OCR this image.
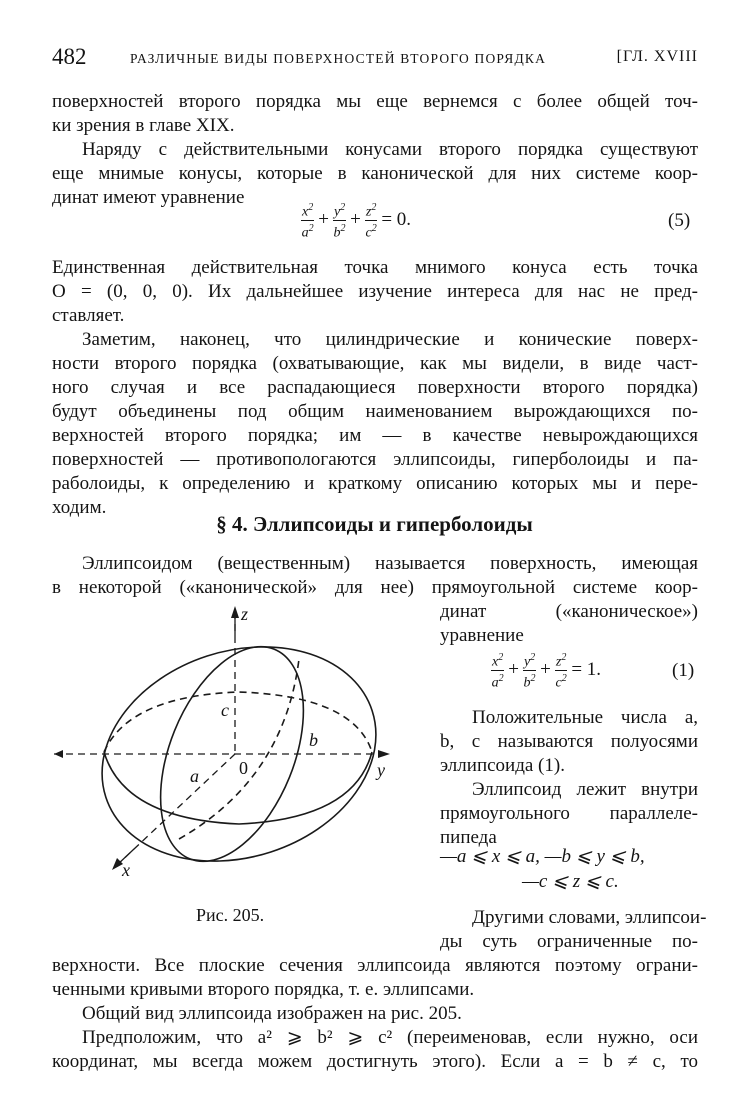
482	РАЗЛИЧНЫЕ ВИДЫ ПОВЕРХНОСТЕЙ ВТОРОГО ПОРЯДКА	[ГЛ. XVIII
поверхностей второго порядка мы еще вернемся с более общей точ-
ки зрения в главе XIX.
Наряду с действительными конусами второго порядка существуют
еще мнимые конусы, которые в канонической для них системе коор-
динат имеют уравнение
$\frac{x^2}{a^2} + \frac{y^2}{b^2} + \frac{z^2}{c^2} = 0$.	(5)
Единственная действительная точка мнимого конуса есть точка
O = (0, 0, 0). Их дальнейшее изучение интереса для нас не пред-
ставляет.
Заметим, наконец, что цилиндрические и конические поверх-
ности второго порядка (охватывающие, как мы видели, в виде част-
ного случая и все распадающиеся поверхности второго порядка)
будут объединены под общим наименованием вырождающихся по-
верхностей второго порядка; им — в качестве невырождающихся
поверхностей — противопологаются эллипсоиды, гиперболоиды и па-
раболоиды, к определению и краткому описанию которых мы и пере-
ходим.
§ 4. Эллипсоиды и гиперболоиды
Эллипсоидом (вещественным) называется поверхность, имеющая
в некоторой («канонической» для нее) прямоугольной системе коор-
динат («каноническое»)
уравнение
$\frac{x^2}{a^2} + \frac{y^2}{b^2} + \frac{z^2}{c^2} = 1$.	(1)
Положительные числа a,
b, c называются полуосями
эллипсоида (1).
Эллипсоид лежит внутри
прямоугольного параллеле-
пипеда
—a ⩽ x ⩽ a, —b ⩽ y ⩽ b,
—c ⩽ z ⩽ c.
Другими словами, эллипсои-
ды суть ограниченные по-
верхности. Все плоские сечения эллипсоида являются поэтому ограни-
ченными кривыми второго порядка, т. е. эллипсами.
Общий вид эллипсоида изображен на рис. 205.
Предположим, что a² ⩾ b² ⩾ c² (переименовав, если нужно, оси
координат, мы всегда можем достигнуть этого). Если a = b ≠ c, то
z
y
x
0
a
b
c
Рис. 205.
